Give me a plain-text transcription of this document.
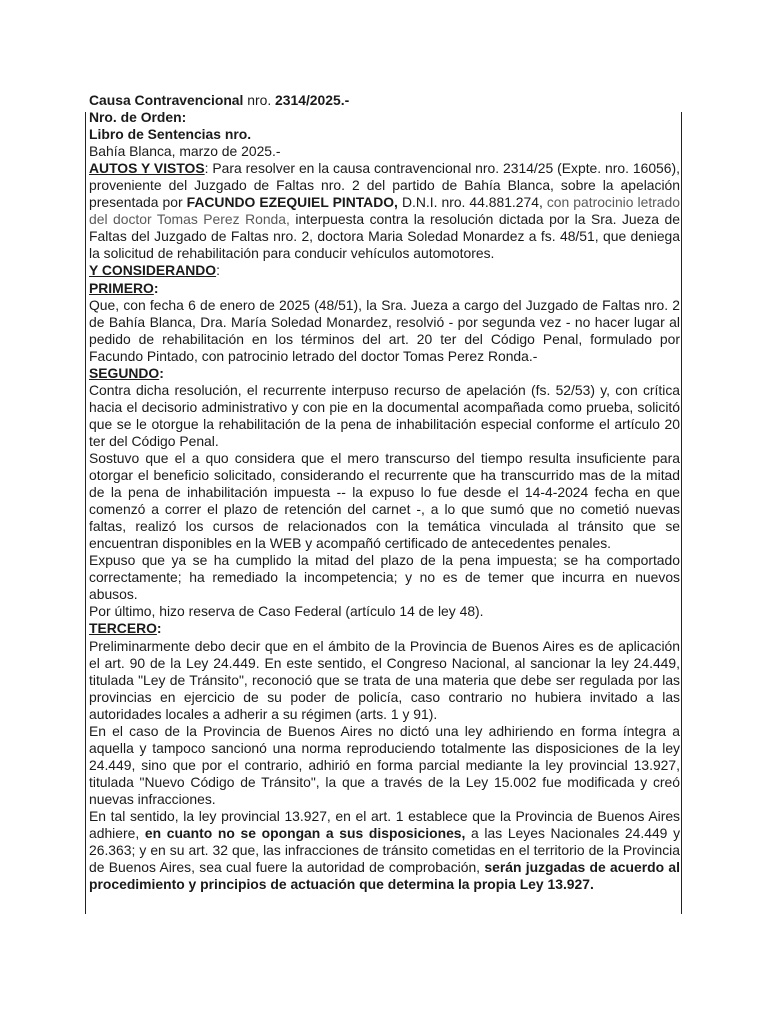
Causa Contravencional nro. 2314/2025.-

Nro. de Orden:

Libro de Sentencias nro.

Bahía Blanca, marzo de 2025.-

AUTOS Y VISTOS: Para resolver en la causa contravencional nro. 2314/25 (Expte. nro. 16056), proveniente del Juzgado de Faltas nro. 2 del partido de Bahía Blanca, sobre la apelación presentada por FACUNDO EZEQUIEL PINTADO, D.N.I. nro. 44.881.274, con patrocinio letrado del doctor Tomas Perez Ronda, interpuesta contra la resolución dictada por la Sra. Jueza de Faltas del Juzgado de Faltas nro. 2, doctora Maria Soledad Monardez a fs. 48/51, que deniega la solicitud de rehabilitación para conducir vehículos automotores.

Y CONSIDERANDO:

PRIMERO:

Que, con fecha 6 de enero de 2025 (48/51), la Sra. Jueza a cargo del Juzgado de Faltas nro. 2 de Bahía Blanca, Dra. María Soledad Monardez, resolvió - por segunda vez - no hacer lugar al pedido de rehabilitación en los términos del art. 20 ter del Código Penal, formulado por Facundo Pintado, con patrocinio letrado del doctor Tomas Perez Ronda.-

SEGUNDO:

Contra dicha resolución, el recurrente interpuso recurso de apelación (fs. 52/53) y, con crítica hacia el decisorio administrativo y con pie en la documental acompañada como prueba, solicitó que se le otorgue la rehabilitación de la pena de inhabilitación especial conforme el artículo 20 ter del Código Penal.

Sostuvo que el a quo considera que el mero transcurso del tiempo resulta insuficiente para otorgar el beneficio solicitado, considerando el recurrente que ha transcurrido mas de la mitad de la pena de inhabilitación impuesta -- la expuso lo fue desde el 14-4-2024 fecha en que comenzó a correr el plazo de retención del carnet -, a lo que sumó que no cometió nuevas faltas, realizó los cursos de relacionados con la temática vinculada al tránsito que se encuentran disponibles en la WEB y acompañó certificado de antecedentes penales.

Expuso que ya se ha cumplido la mitad del plazo de la pena impuesta; se ha comportado correctamente; ha remediado la incompetencia; y no es de temer que incurra en nuevos abusos.

Por último, hizo reserva de Caso Federal (artículo 14 de ley 48).

TERCERO:

Preliminarmente debo decir que en el ámbito de la Provincia de Buenos Aires es de aplicación el art. 90 de la Ley 24.449. En este sentido, el Congreso Nacional, al sancionar la ley 24.449, titulada "Ley de Tránsito", reconoció que se trata de una materia que debe ser regulada por las provincias en ejercicio de su poder de policía, caso contrario no hubiera invitado a las autoridades locales a adherir a su régimen (arts. 1 y 91).

En el caso de la Provincia de Buenos Aires no dictó una ley adhiriendo en forma íntegra a aquella y tampoco sancionó una norma reproduciendo totalmente las disposiciones de la ley 24.449, sino que por el contrario, adhirió en forma parcial mediante la ley provincial 13.927, titulada "Nuevo Código de Tránsito", la que a través de la Ley 15.002 fue modificada y creó nuevas infracciones.

En tal sentido, la ley provincial 13.927, en el art. 1 establece que la Provincia de Buenos Aires adhiere, en cuanto no se opongan a sus disposiciones, a las Leyes Nacionales 24.449 y 26.363; y en su art. 32 que, las infracciones de tránsito cometidas en el territorio de la Provincia de Buenos Aires, sea cual fuere la autoridad de comprobación, serán juzgadas de acuerdo al procedimiento y principios de actuación que determina la propia Ley 13.927.
